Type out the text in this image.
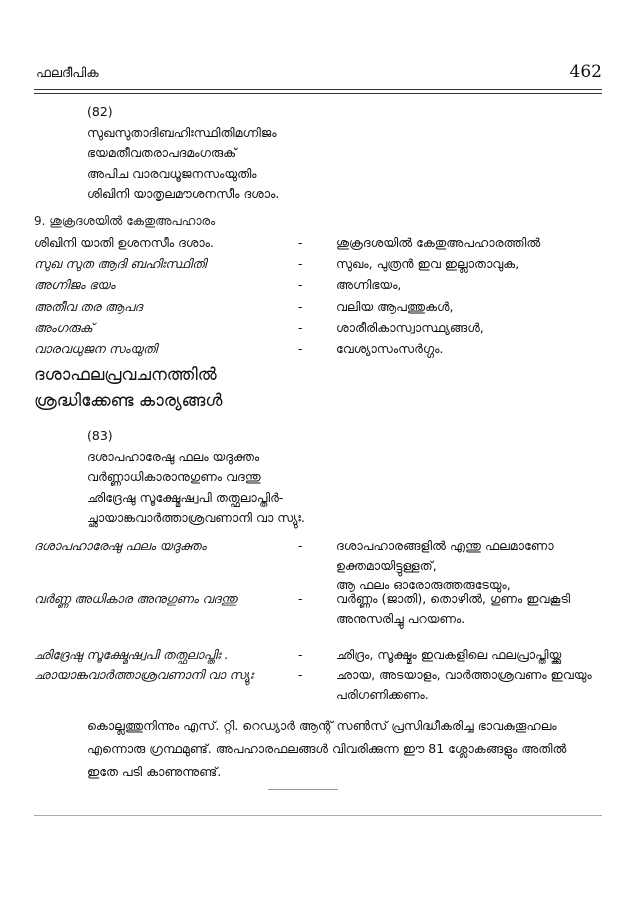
ഫലദീപിക	462
(82)
സുഖസുതാദിബഹിഃസ്ഥിതിമഗ്നിജം
ഭയമതീവതരാപദമംഗരുക്
അപിച വാരവധൂജനസംയുതിം
ശിഖിനി യാതൃലമൗശനസീം ദശാം.
9. ശുക്രദശയിൽ കേതുഅപഹാരം
ശിഖിനി യാതി ഉശനസീം ദശാം.	-	ശുക്രദശയിൽ കേതുഅപഹാരത്തിൽ
സുഖ സുത ആദി ബഹിഃസ്ഥിതി	-	സുഖം, പുത്രൻ ഇവ ഇല്ലാതാവുക,
അഗ്നിജം ഭയം	-	അഗ്നിഭയം,
അതീവ തര ആപദ	-	വലിയ ആപത്തുകൾ,
അംഗരുക്	-	ശാരീരികാസ്വാസ്ഥ്യങ്ങൾ,
വാരവധുജന സംയുതി	-	വേശ്യാസംസർഗ്ഗം.
ദശാഫലപ്രവചനത്തിൽ
ശ്രദ്ധിക്കേണ്ട കാര്യങ്ങൾ
(83)
ദശാപഹാരേഷു ഫലം യദുക്തം
വർണ്ണാധികാരാനുഗുണം വദന്തു
ഛിദ്രേഷു സൂക്ഷ്മേഷ്വപി തത്ഫലാപ്തിർ-
ച്ഛായാങ്കവാർത്താശ്രവണാനി വാ സ്യുഃ.
ദശാപഹാരേഷു ഫലം യദുക്തം	-	ദശാപഹാരങ്ങളിൽ എന്തു ഫലമാണോ
ഉക്തമായിട്ടുള്ളത്,
ആ ഫലം ഓരോരുത്തരുടേയും,
വർണ്ണ അധികാര അനുഗുണം വദന്തു	-	വർണ്ണം (ജാതി), തൊഴിൽ, ഗുണം ഇവകൂടി
അനുസരിച്ചു പറയണം.
ഛിദ്രേഷു സൂക്ഷ്മേഷ്വപി തത്ഫലാപ്തിഃ .	-	ഛിദ്രം, സൂക്ഷ്മം ഇവകളിലെ ഫലപ്രാപ്തിയ്ക്കു
ഛായാങ്കവാർത്താശ്രവണാനി വാ സ്യുഃ	-	ഛായ, അടയാളം, വാർത്താശ്രവണം ഇവയും
പരിഗണിക്കണം.
കൊല്ലത്തുനിന്നും എസ്. റ്റി. റെഡ്യാർ ആന്റ് സൺസ് പ്രസിദ്ധീകരിച്ച ഭാവകുതൂഹലം
എന്നൊരു ഗ്രന്ഥമുണ്ട്. അപഹാരഫലങ്ങൾ വിവരിക്കുന്ന ഈ 81 ശ്ലോകങ്ങളും അതിൽ
ഇതേ പടി കാണുന്നുണ്ട്.
